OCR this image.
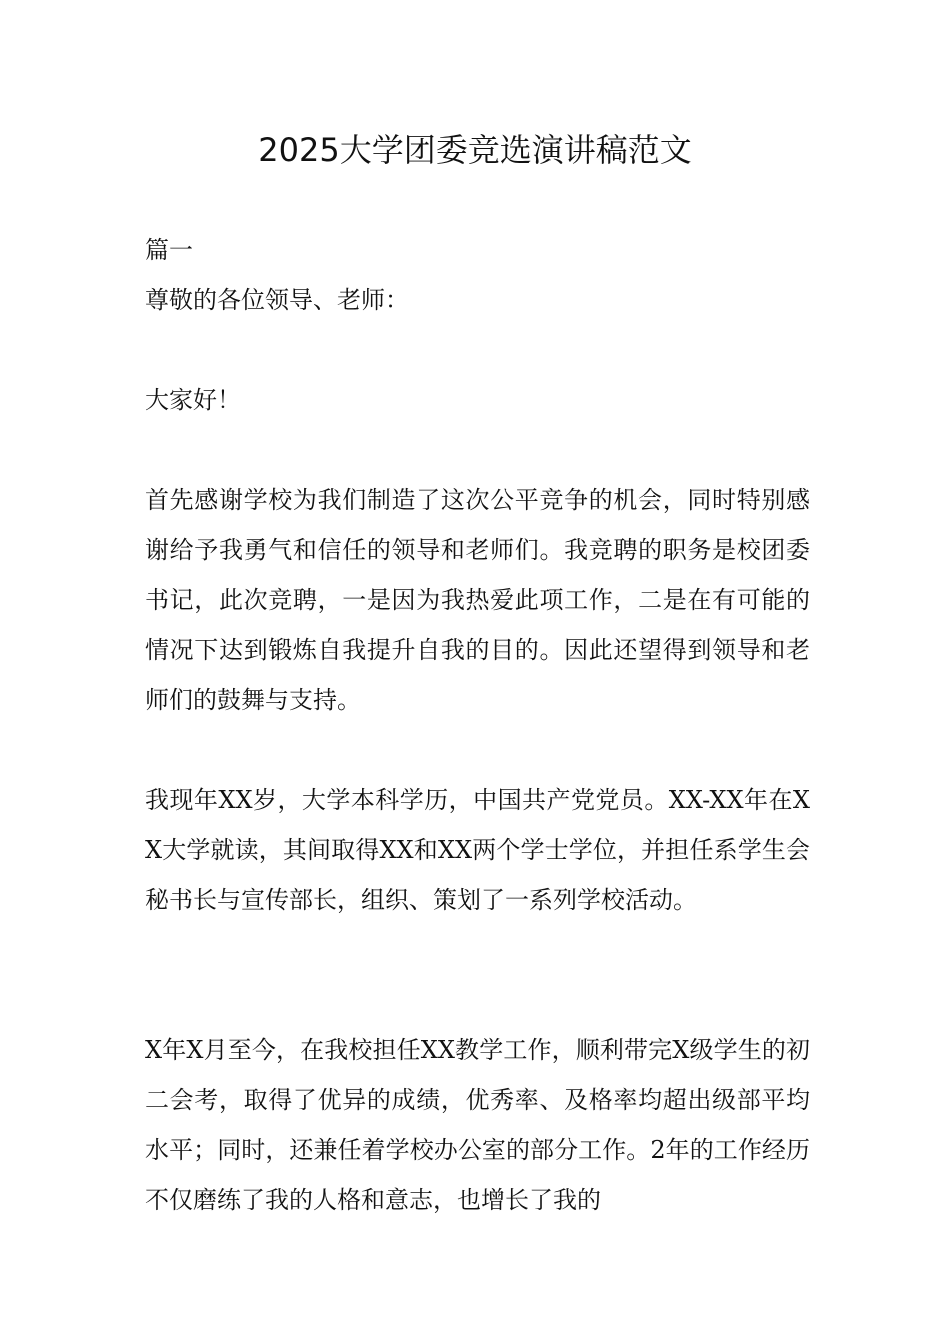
2025大学团委竞选演讲稿范文

篇一

尊敬的各位领导、老师：

大家好！

首先感谢学校为我们制造了这次公平竞争的机会，同时特别感谢给予我勇气和信任的领导和老师们。我竞聘的职务是校团委书记，此次竞聘，一是因为我热爱此项工作，二是在有可能的情况下达到锻炼自我提升自我的目的。因此还望得到领导和老师们的鼓舞与支持。

我现年XX岁，大学本科学历，中国共产党党员。XX-XX年在XX大学就读，其间取得XX和XX两个学士学位，并担任系学生会秘书长与宣传部长，组织、策划了一系列学校活动。

X年X月至今，在我校担任XX教学工作，顺利带完X级学生的初二会考，取得了优异的成绩，优秀率、及格率均超出级部平均水平；同时，还兼任着学校办公室的部分工作。2年的工作经历不仅磨练了我的人格和意志，也增长了我的
